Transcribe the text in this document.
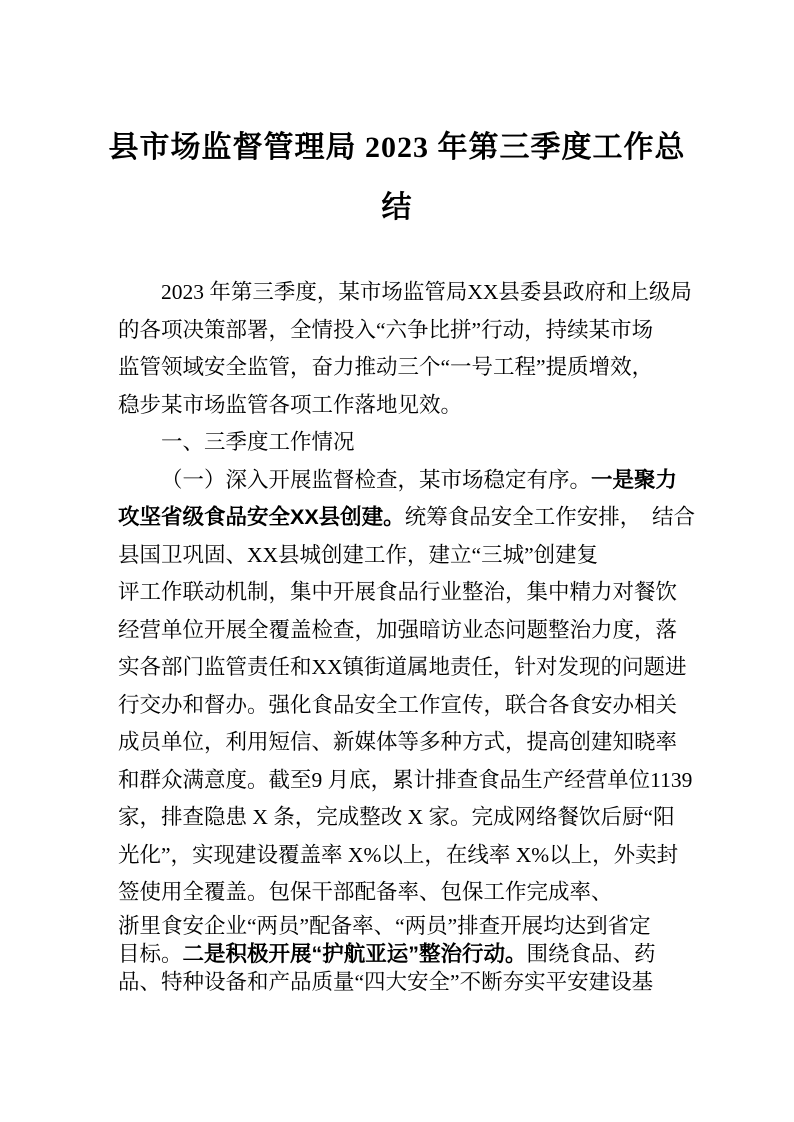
县市场监督管理局 2023 年第三季度工作总
结
2023 年第三季度，某市场监管局XX县委县政府和上级局
的各项决策部署，全情投入“六争比拼”行动，持续某市场
监管领域安全监管，奋力推动三个“一号工程”提质增效，
稳步某市场监管各项工作落地见效。
一、三季度工作情况
（一）深入开展监督检查，某市场稳定有序。一是聚力
攻坚省级食品安全XX县创建。统筹食品安全工作安排，　结合
县国卫巩固、XX县城创建工作，建立“三城”创建复
评工作联动机制，集中开展食品行业整治，集中精力对餐饮
经营单位开展全覆盖检查，加强暗访业态问题整治力度，落
实各部门监管责任和XX镇街道属地责任，针对发现的问题进
行交办和督办。强化食品安全工作宣传，联合各食安办相关
成员单位，利用短信、新媒体等多种方式，提高创建知晓率
和群众满意度。截至9 月底，累计排查食品生产经营单位1139
家，排查隐患 X 条，完成整改 X 家。完成网络餐饮后厨“阳
光化”，实现建设覆盖率 X%以上，在线率 X%以上，外卖封
签使用全覆盖。包保干部配备率、包保工作完成率、
浙里食安企业“两员”配备率、“两员”排查开展均达到省定
目标。二是积极开展“护航亚运”整治行动。围绕食品、药
品、特种设备和产品质量“四大安全”不断夯实平安建设基
